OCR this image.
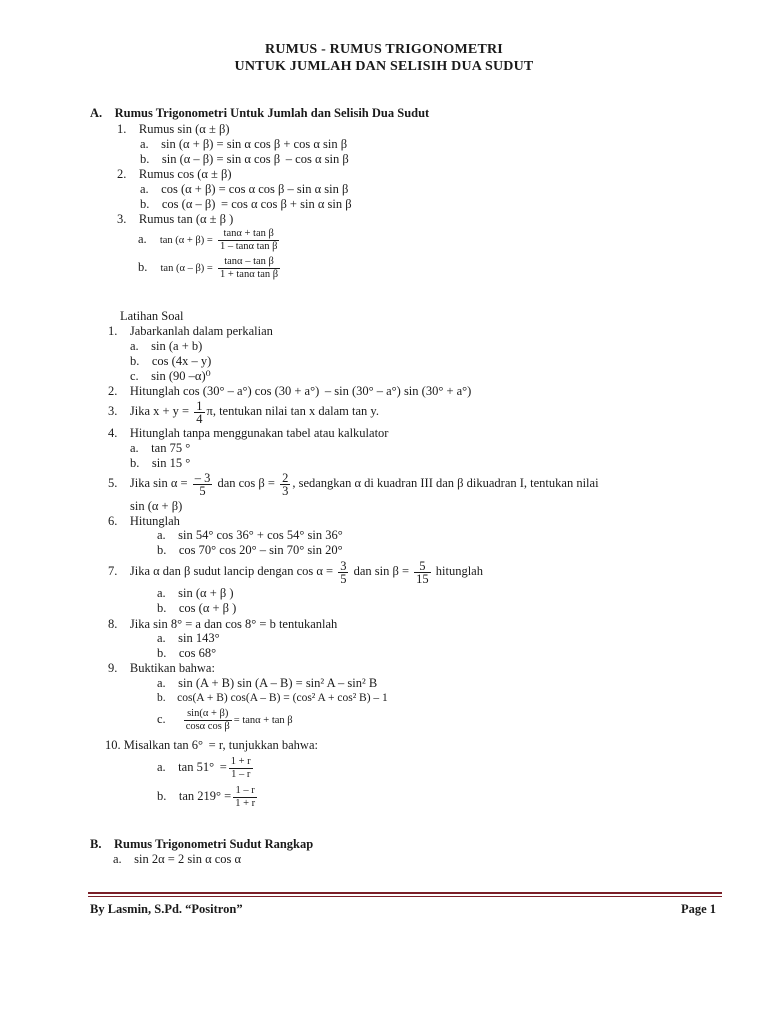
RUMUS - RUMUS TRIGONOMETRI
UNTUK JUMLAH DAN SELISIH DUA SUDUT
A. Rumus Trigonometri Untuk Jumlah dan Selisih Dua Sudut
1. Rumus sin (α ± β)
a. sin (α + β) = sin α cos β + cos α sin β
b. sin (α – β) = sin α cos β  – cos α sin β
2. Rumus cos (α ± β)
a. cos (α + β) = cos α cos β – sin α sin β
b. cos (α – β)  = cos α cos β + sin α sin β
3. Rumus tan (α ± β )
a. $\tan (\alpha + \beta) = \frac{\text{tanα + tan β}}{\text{1 – tanα tan β}}$
b. $\tan (\alpha - \beta) = \frac{\text{tanα – tan β}}{\text{1 + tanα tan β}}$
Latihan Soal
1. Jabarkanlah dalam perkalian
a. sin (a + b)
b. cos (4x – y)
c. sin (90 –α)⁰
2. Hitunglah cos (30° – a°) cos (30 + a°)  – sin (30° – a°) sin (30° + a°)
3. Jika $x + y = \frac{1}{4} \pi$, tentukan nilai tan x dalam tan y.
4. Hitunglah tanpa menggunakan tabel atau kalkulator
a. tan 75 °
b. sin 15 °
5. Jika $\sin \alpha = \frac{- 3}{5}$ dan $\cos \beta = \frac{2}{3}$ , sedangkan α di kuadran III dan β dikuadran I, tentukan nilai
sin (α + β)
6. Hitunglah
a. sin 54° cos 36° + cos 54° sin 36°
b. cos 70° cos 20° – sin 70° sin 20°
7. Jika α dan β sudut lancip dengan $\cos \alpha = \frac{3}{5}$ dan $\sin \beta = \frac{5}{15}$ hitunglah
a. sin (α + β )
b. cos (α + β )
8. Jika sin 8° = a dan cos 8° = b tentukanlah
a. sin 143°
b. cos 68°
9. Buktikan bahwa:
a. sin (A + B) sin (A – B) = sin² A – sin² B
b. cos(A + B) cos(A – B) = (cos² A + cos² B) – 1
c. $\frac{\sin(\alpha + \beta)}{\text{cosα cos β}} = \tan\alpha + \tan \beta$
10. Misalkan tan 6°  = r, tunjukkan bahwa:
a. $\tan 51^\circ = \frac{1 + r}{1 - r}$
b. $\tan 219^\circ = \frac{1 - r}{1 + r}$
B. Rumus Trigonometri Sudut Rangkap
a. sin 2α = 2 sin α cos α
By Lasmin, S.Pd. “Positron”	Page 1
